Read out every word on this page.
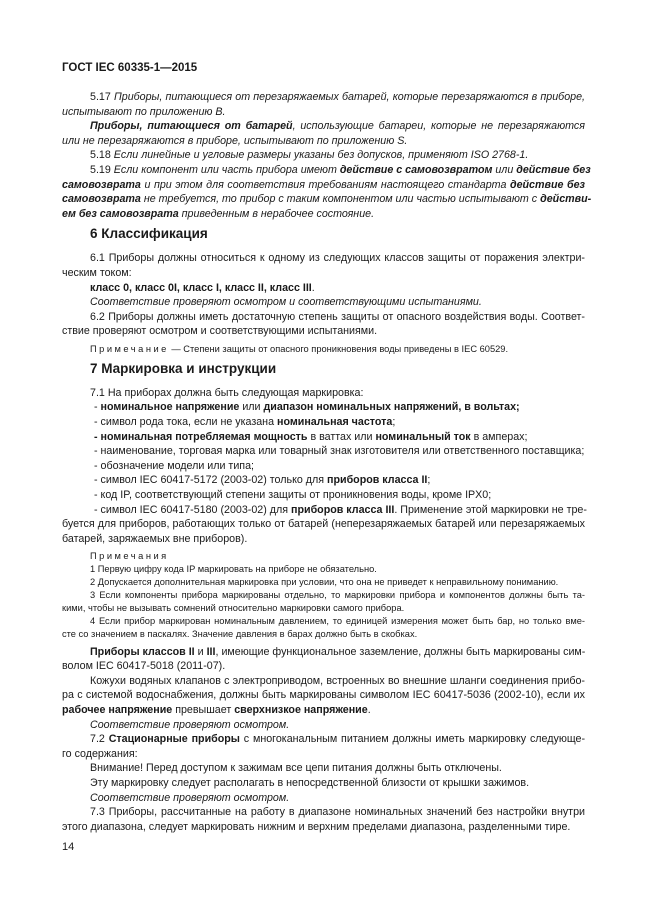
ГОСТ IEC 60335-1—2015
5.17 Приборы, питающиеся от перезаряжаемых батарей, которые перезаряжаются в приборе,
испытывают по приложению B.
Приборы, питающиеся от батарей, использующие батареи, которые не перезаряжаются
или не перезаряжаются в приборе, испытывают по приложению S.
5.18 Если линейные и угловые размеры указаны без допусков, применяют ISO 2768-1.
5.19 Если компонент или часть прибора имеют действие с самовозвратом или действие без
самовозврата и при этом для соответствия требованиям настоящего стандарта действие без
самовозврата не требуется, то прибор с таким компонентом или частью испытывают с действи-
ем без самовозврата приведенным в нерабочее состояние.
6 Классификация
6.1 Приборы должны относиться к одному из следующих классов защиты от поражения электри-
ческим током:
класс 0, класс 0I, класс I, класс II, класс III.
Соответствие проверяют осмотром и соответствующими испытаниями.
6.2 Приборы должны иметь достаточную степень защиты от опасного воздействия воды. Соответ-
ствие проверяют осмотром и соответствующими испытаниями.
Примечание — Степени защиты от опасного проникновения воды приведены в IEC 60529.
7 Маркировка и инструкции
7.1 На приборах должна быть следующая маркировка:
- номинальное напряжение или диапазон номинальных напряжений, в вольтах;
- символ рода тока, если не указана номинальная частота;
- номинальная потребляемая мощность в ваттах или номинальный ток в амперах;
- наименование, торговая марка или товарный знак изготовителя или ответственного поставщика;
- обозначение модели или типа;
- символ IEC 60417-5172 (2003-02) только для приборов класса II;
- код IP, соответствующий степени защиты от проникновения воды, кроме IPX0;
- символ IEC 60417-5180 (2003-02) для приборов класса III. Применение этой маркировки не тре-
буется для приборов, работающих только от батарей (неперезаряжаемых батарей или перезаряжаемых
батарей, заряжаемых вне приборов).
Примечания
1 Первую цифру кода IP маркировать на приборе не обязательно.
2 Допускается дополнительная маркировка при условии, что она не приведет к неправильному пониманию.
3 Если компоненты прибора маркированы отдельно, то маркировки прибора и компонентов должны быть та-
кими, чтобы не вызывать сомнений относительно маркировки самого прибора.
4 Если прибор маркирован номинальным давлением, то единицей измерения может быть бар, но только вме-
сте со значением в паскалях. Значение давления в барах должно быть в скобках.
Приборы классов II и III, имеющие функциональное заземление, должны быть маркированы сим-
волом IEC 60417-5018 (2011-07).
Кожухи водяных клапанов с электроприводом, встроенных во внешние шланги соединения прибо-
ра с системой водоснабжения, должны быть маркированы символом IEC 60417-5036 (2002-10), если их
рабочее напряжение превышает сверхнизкое напряжение.
Соответствие проверяют осмотром.
7.2 Стационарные приборы с многоканальным питанием должны иметь маркировку следующе-
го содержания:
Внимание! Перед доступом к зажимам все цепи питания должны быть отключены.
Эту маркировку следует располагать в непосредственной близости от крышки зажимов.
Соответствие проверяют осмотром.
7.3 Приборы, рассчитанные на работу в диапазоне номинальных значений без настройки внутри
этого диапазона, следует маркировать нижним и верхним пределами диапазона, разделенными тире.
14
